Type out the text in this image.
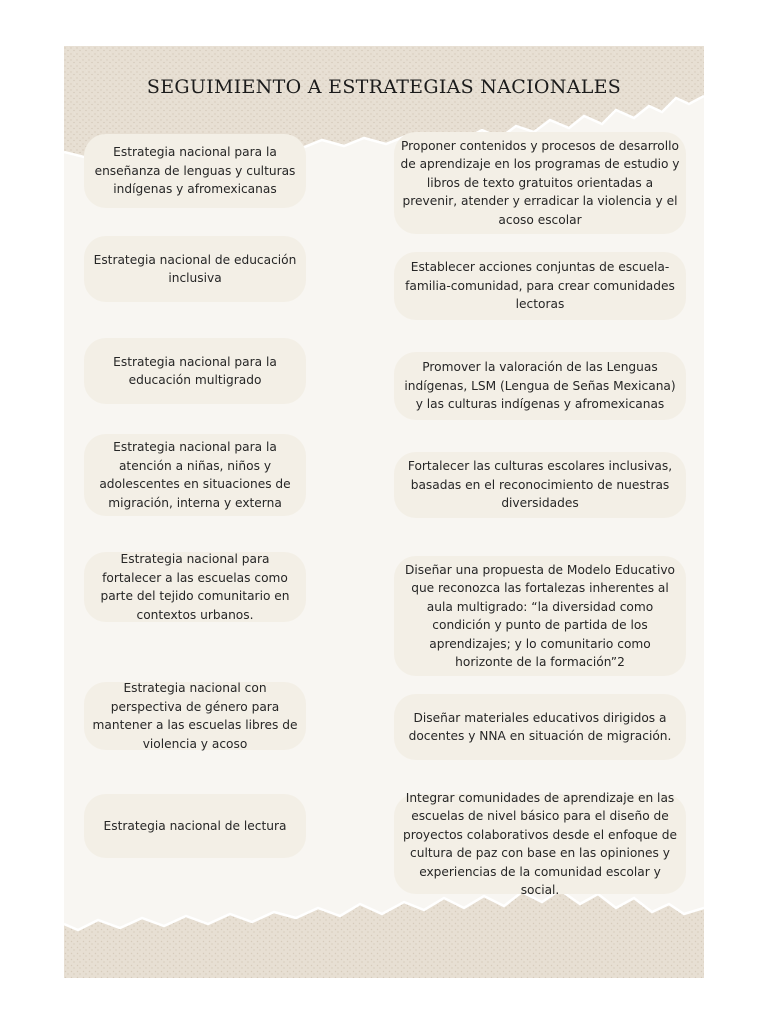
SEGUIMIENTO A ESTRATEGIAS NACIONALES
Estrategia nacional para la enseñanza de lenguas y culturas indígenas y afromexicanas
Estrategia nacional de educación inclusiva
Estrategia nacional para la educación multigrado
Estrategia nacional para la atención a niñas, niños y adolescentes en situaciones de migración, interna y externa
Estrategia nacional para fortalecer a las escuelas como parte del tejido comunitario en contextos urbanos.
Estrategia nacional con perspectiva de género para mantener a las escuelas libres de violencia y acoso
Estrategia nacional de lectura
Proponer contenidos y procesos de desarrollo de aprendizaje en los programas de estudio y libros de texto gratuitos orientadas a prevenir, atender y erradicar la violencia y el acoso escolar
Establecer acciones conjuntas de escuela-familia-comunidad, para crear comunidades lectoras
Promover la valoración de las Lenguas indígenas, LSM (Lengua de Señas Mexicana) y las culturas indígenas y afromexicanas
Fortalecer las culturas escolares inclusivas, basadas en el reconocimiento de nuestras diversidades
Diseñar una propuesta de Modelo Educativo que reconozca las fortalezas inherentes al aula multigrado: “la diversidad como condición y punto de partida de los aprendizajes; y lo comunitario como horizonte de la formación”2
Diseñar materiales educativos dirigidos a docentes y NNA en situación de migración.
Integrar comunidades de aprendizaje en las escuelas de nivel básico para el diseño de proyectos colaborativos desde el enfoque de cultura de paz con base en las opiniones y experiencias de la comunidad escolar y social.
